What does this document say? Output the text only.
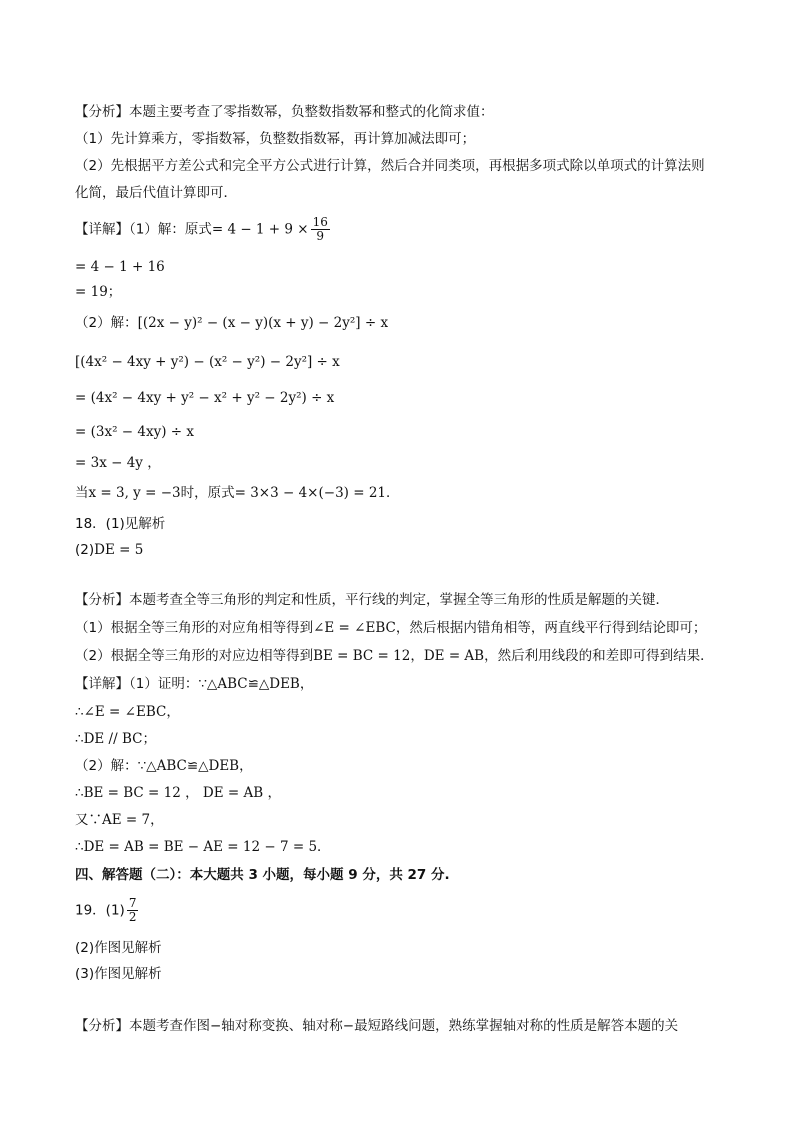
【分析】本题主要考查了零指数幂，负整数指数幂和整式的化简求值：
（1）先计算乘方，零指数幂，负整数指数幂，再计算加减法即可；
（2）先根据平方差公式和完全平方公式进行计算，然后合并同类项，再根据多项式除以单项式的计算法则
化简，最后代值计算即可．
【详解】（1）解：原式= $4 - 1 + 9 \times \frac{16}{9}$
= 4 − 1 + 16
= 19；
（2）解：[(2x − y)² − (x − y)(x + y) − 2y²] ÷ x
[(4x² − 4xy + y²) − (x² − y²) − 2y²] ÷ x
= (4x² − 4xy + y² − x² + y² − 2y²) ÷ x
= (3x² − 4xy) ÷ x
= 3x − 4y ，
当x = 3, y = −3时，原式= 3×3 − 4×(−3) = 21．
18．(1)见解析
(2)DE = 5
【分析】本题考查全等三角形的判定和性质，平行线的判定，掌握全等三角形的性质是解题的关键．
（1）根据全等三角形的对应角相等得到∠E = ∠EBC，然后根据内错角相等，两直线平行得到结论即可；
（2）根据全等三角形的对应边相等得到BE = BC = 12，DE = AB，然后利用线段的和差即可得到结果．
【详解】（1）证明：∵△ABC≌△DEB，
∴∠E = ∠EBC，
∴DE // BC；
（2）解：∵△ABC≌△DEB，
∴BE = BC = 12 ， DE = AB ，
又∵AE = 7，
∴DE = AB = BE − AE = 12 − 7 = 5．
四、解答题（二）：本大题共 3 小题，每小题 9 分，共 27 分.
19．$(1) \frac{7}{2}$
(2)作图见解析
(3)作图见解析
【分析】本题考查作图−轴对称变换、轴对称−最短路线问题，熟练掌握轴对称的性质是解答本题的关
